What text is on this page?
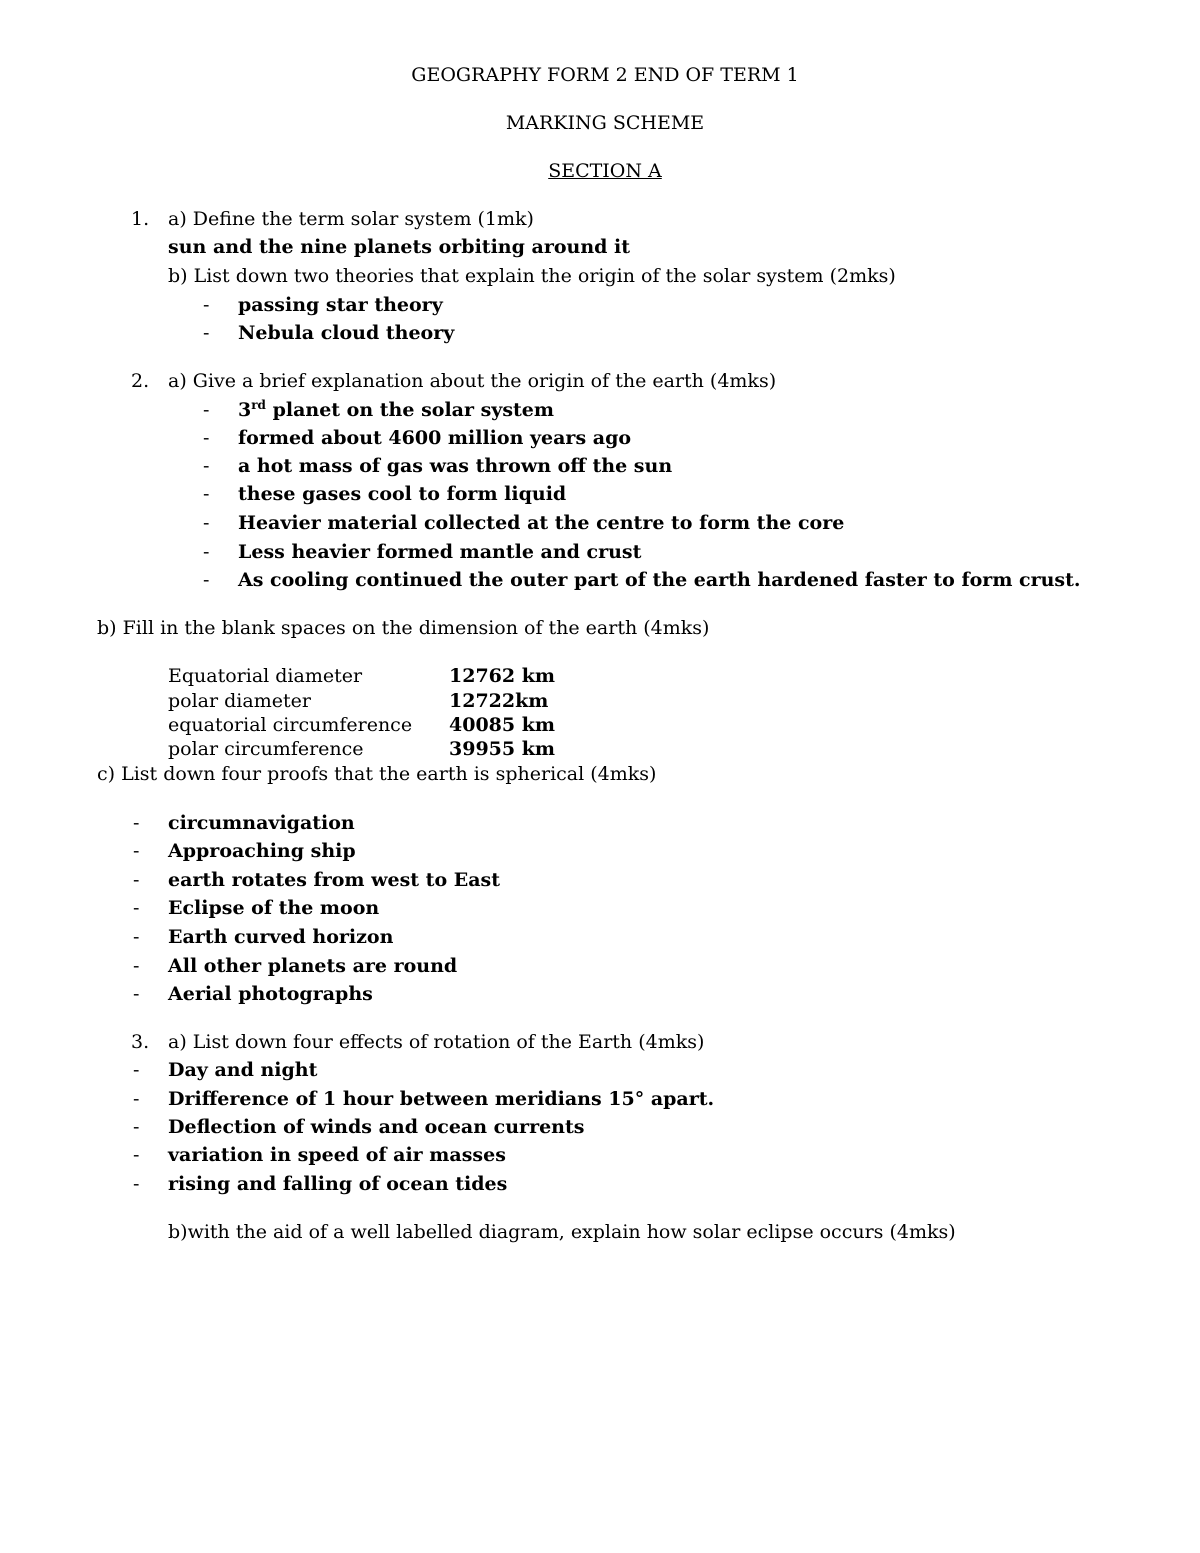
GEOGRAPHY FORM 2 END OF TERM 1
MARKING SCHEME
SECTION A
1. a) Define the term solar system (1mk)
sun and the nine planets orbiting around it
b) List down two theories that explain the origin of the solar system (2mks)
- passing star theory
- Nebula cloud theory
2. a) Give a brief explanation about the origin of the earth (4mks)
- 3rd planet on the solar system
- formed about 4600 million years ago
- a hot mass of gas was thrown off the sun
- these gases cool to form liquid
- Heavier material collected at the centre to form the core
- Less heavier formed mantle and crust
- As cooling continued the outer part of the earth hardened faster to form crust.
b) Fill in the blank spaces on the dimension of the earth (4mks)
Equatorial diameter	12762 km
polar diameter	12722km
equatorial circumference 40085 km
polar circumference	39955 km
c) List down four proofs that the earth is spherical (4mks)
- circumnavigation
- Approaching ship
- earth rotates from west to East
- Eclipse of the moon
- Earth curved horizon
- All other planets are round
- Aerial photographs
3. a) List down four effects of rotation of the Earth (4mks)
- Day and night
- Drifference of 1 hour between meridians 15° apart.
- Deflection of winds and ocean currents
- variation in speed of air masses
- rising and falling of ocean tides
b)with the aid of a well labelled diagram, explain how solar eclipse occurs (4mks)
